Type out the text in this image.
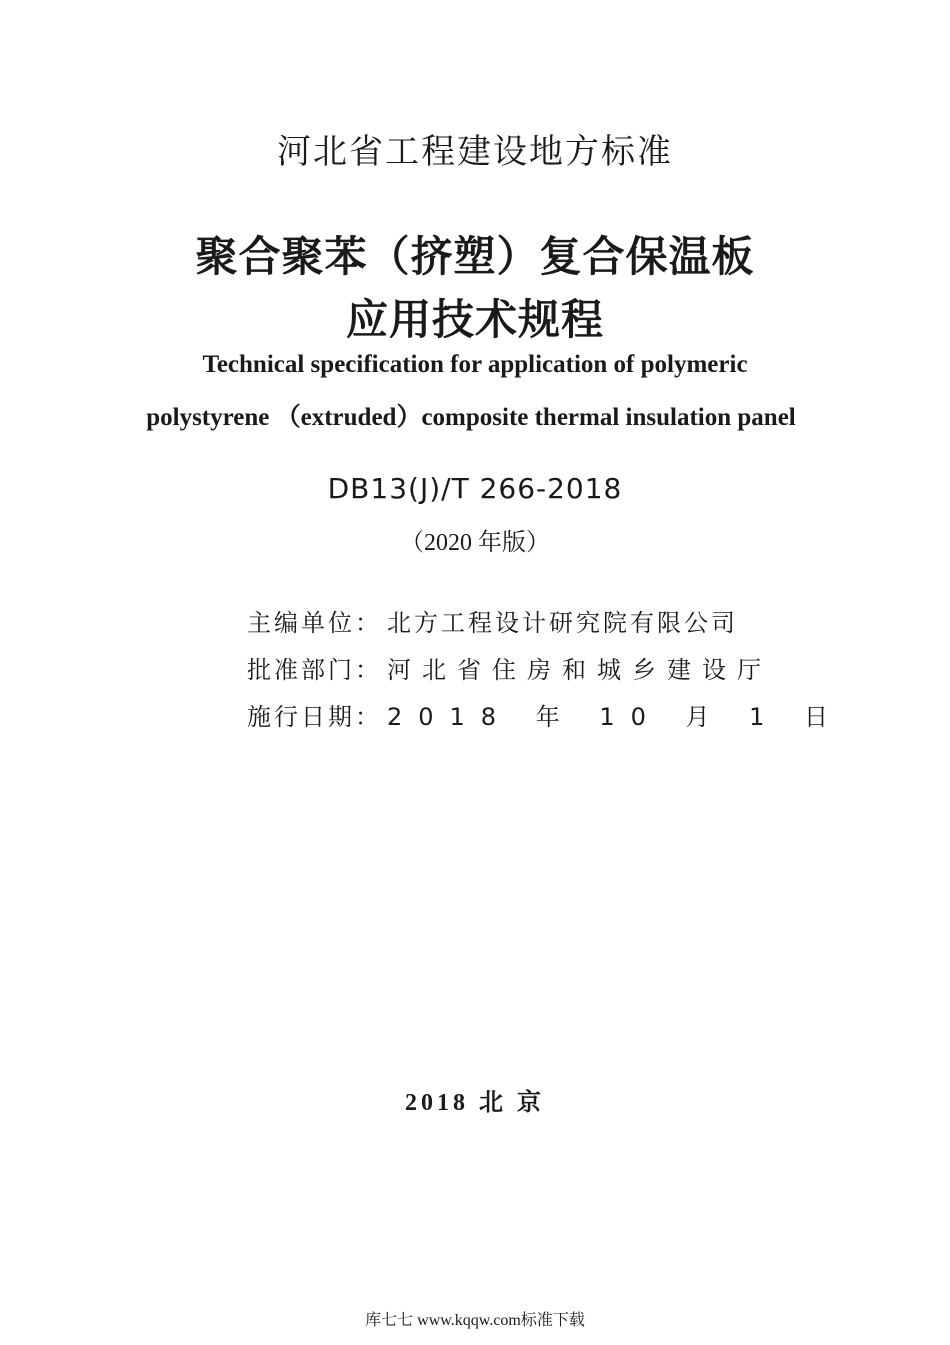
河北省工程建设地方标准
聚合聚苯（挤塑）复合保温板
应用技术规程
Technical specification for application of polymeric
polystyrene （extruded）composite thermal insulation panel
DB13(J)/T 266-2018
（2020 年版）
主编单位： 北方工程设计研究院有限公司
批准部门： 河北省住房和城乡建设厅
施行日期： 2018 年 10 月 1 日
2018 北 京
库七七 www.kqqw.com标准下载
